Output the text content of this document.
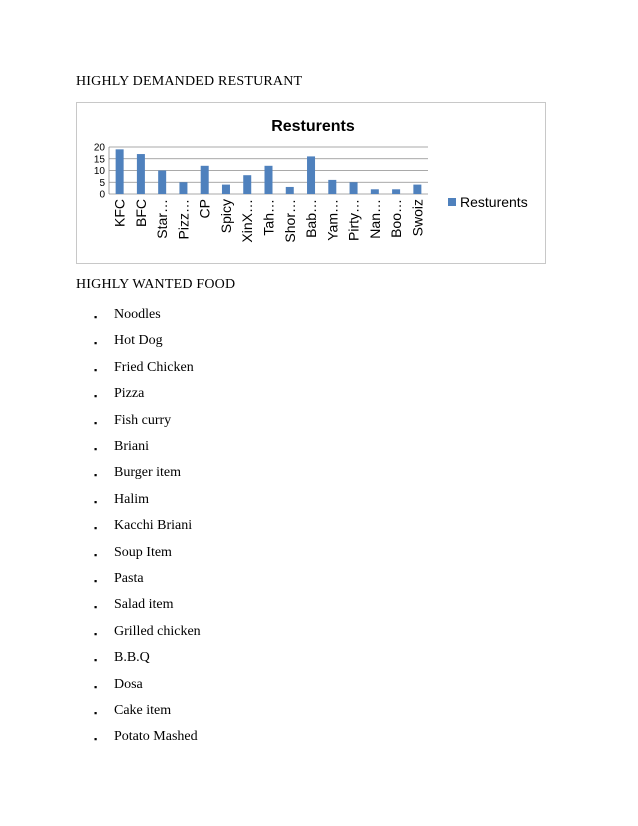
HIGHLY DEMANDED RESTURANT
Resturents
0
5
10
15
20
KFC BFC Star… Pizz… CP Spicy XinX… Tah… Shor… Bab… Yam… Pirty… Nan… Boo… Swoiz Resturents
HIGHLY WANTED FOOD
▪ Noodles
▪ Hot Dog
▪ Fried Chicken
▪ Pizza
▪ Fish curry
▪ Briani
▪ Burger item
▪ Halim
▪ Kacchi Briani
▪ Soup Item
▪ Pasta
▪ Salad item
▪ Grilled chicken
▪ B.B.Q
▪ Dosa
▪ Cake item
▪ Potato Mashed
